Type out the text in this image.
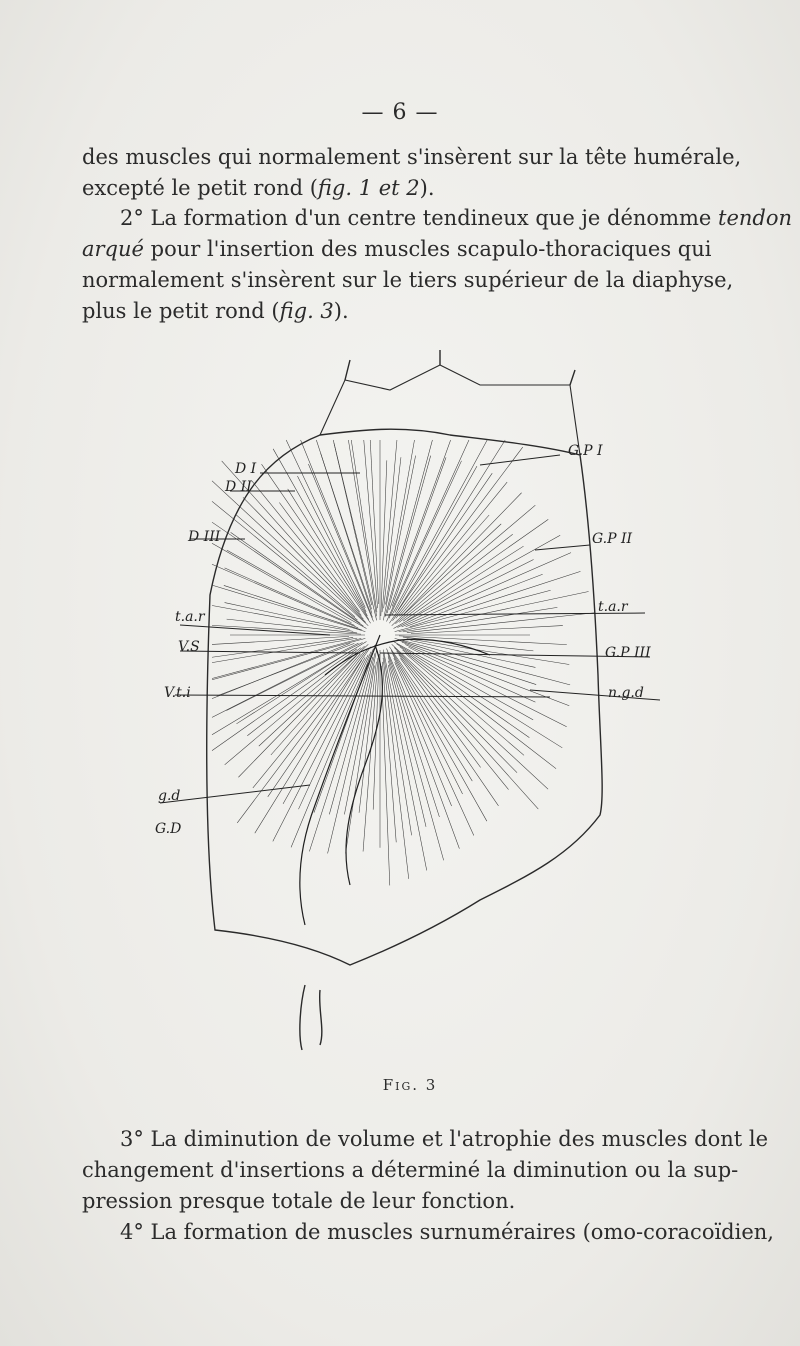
— 6 —
des muscles qui normalement s'insèrent sur la tête humérale,
excepté le petit rond (fig. 1 et 2).
2° La formation d'un centre tendineux que je dénomme tendon
arqué pour l'insertion des muscles scapulo-thoraciques qui
normalement s'insèrent sur le tiers supérieur de la diaphyse,
plus le petit rond (fig. 3).
D I
D II
D III
t.a.r
V.S
V.t.i
g.d
G.D
G.P I
G.P II
t.a.r
G.P III
n.g.d
Fig. 3
3° La diminution de volume et l'atrophie des muscles dont le
changement d'insertions a déterminé la diminution ou la sup-
pression presque totale de leur fonction.
4° La formation de muscles surnuméraires (omo-coracoïdien,
